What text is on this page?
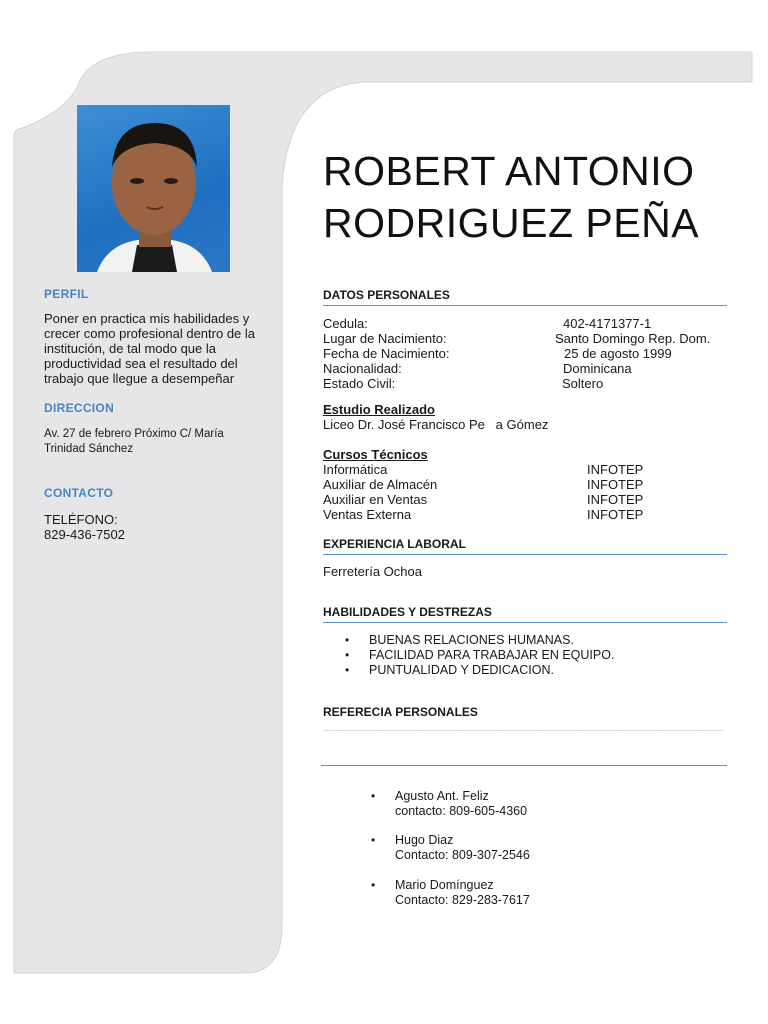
PERFIL

Poner en practica mis habilidades y crecer como profesional dentro de la institución, de tal modo que la productividad sea el resultado del trabajo que llegue a desempeñar

DIRECCION

Av. 27 de febrero Próximo C/ María

Trinidad Sánchez

CONTACTO

TELÉFONO:

829-436-7502

ROBERT ANTONIO
RODRIGUEZ PEÑA
DATOS PERSONALES
Cedula:	402-4171377-1
Lugar de Nacimiento:	Santo Domingo Rep. Dom.
Fecha de Nacimiento:	25 de agosto 1999
Nacionalidad:	Dominicana
Estado Civil:	Soltero
Estudio Realizado
Liceo Dr. José Francisco Pe   a Gómez
Cursos Técnicos
Informática	INFOTEP
Auxiliar de Almacén	INFOTEP
Auxiliar en Ventas	INFOTEP
Ventas Externa	INFOTEP
EXPERIENCIA LABORAL
Ferretería Ochoa
HABILIDADES Y DESTREZAS
• BUENAS RELACIONES HUMANAS.
• FACILIDAD PARA TRABAJAR EN EQUIPO.
• PUNTUALIDAD Y DEDICACION.
REFERECIA PERSONALES
____________________________________________________________
• Agusto Ant. Feliz
contacto: 809-605-4360
• Hugo Diaz
Contacto: 809-307-2546
• Mario Domínguez
Contacto: 829-283-7617
